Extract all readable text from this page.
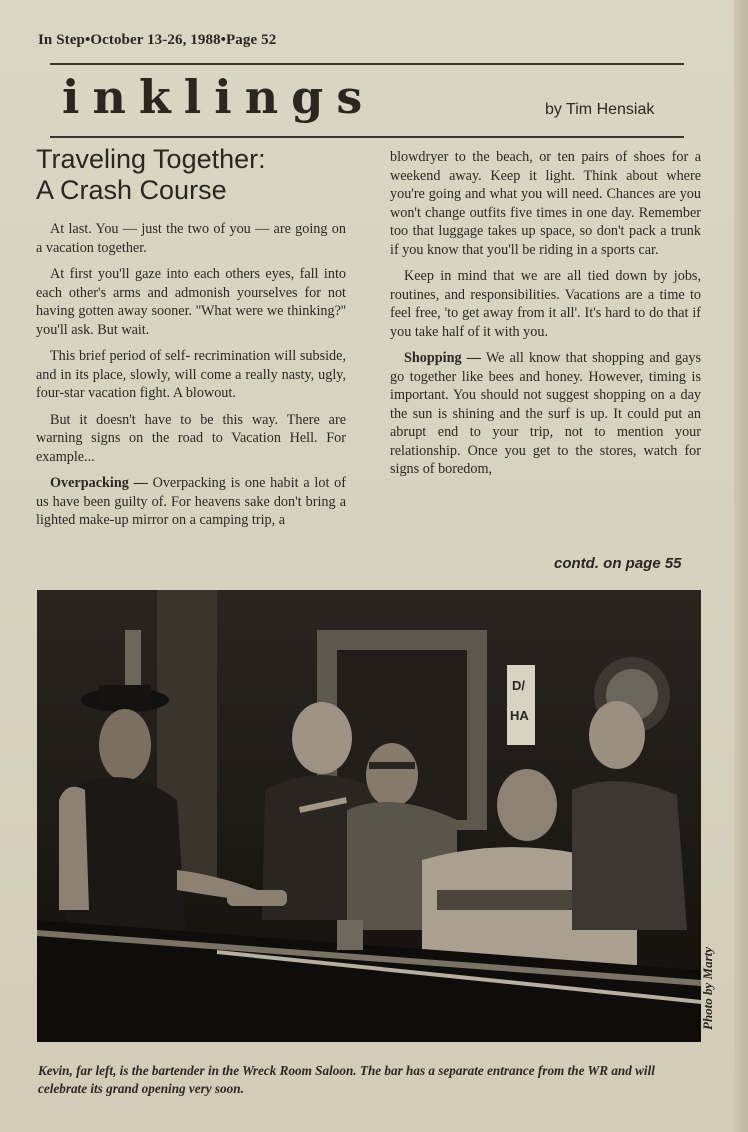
In Step•October 13-26, 1988•Page 52
inklings	by Tim Hensiak
Traveling Together:
A Crash Course

At last. You — just the two of you — are going on a vacation together.

At first you'll gaze into each others eyes, fall into each other's arms and admonish yourselves for not having gotten away sooner. ''What were we thinking?'' you'll ask. But wait.

This brief period of self- recrimination will subside, and in its place, slowly, will come a really nasty, ugly, four-star vacation fight. A blowout.

But it doesn't have to be this way. There are warning signs on the road to Vacation Hell. For example...

Overpacking — Overpacking is one habit a lot of us have been guilty of. For heavens sake don't bring a lighted make-up mirror on a camping trip, a

blowdryer to the beach, or ten pairs of shoes for a weekend away. Keep it light. Think about where you're going and what you will need. Chances are you won't change outfits five times in one day. Remember too that luggage takes up space, so don't pack a trunk if you know that you'll be riding in a sports car.

Keep in mind that we are all tied down by jobs, routines, and responsibilities. Vacations are a time to feel free, 'to get away from it all'. It's hard to do that if you take half of it with you.

Shopping — We all know that shopping and gays go together like bees and honey. However, timing is important. You should not suggest shopping on a day the sun is shining and the surf is up. It could put an abrupt end to your trip, not to mention your relationship. Once you get to the stores, watch for signs of boredom,

contd. on page 55
D/
HA
Photo by Marty
Kevin, far left, is the bartender in the Wreck Room Saloon. The bar has a separate entrance from the WR and will celebrate its grand opening very soon.
